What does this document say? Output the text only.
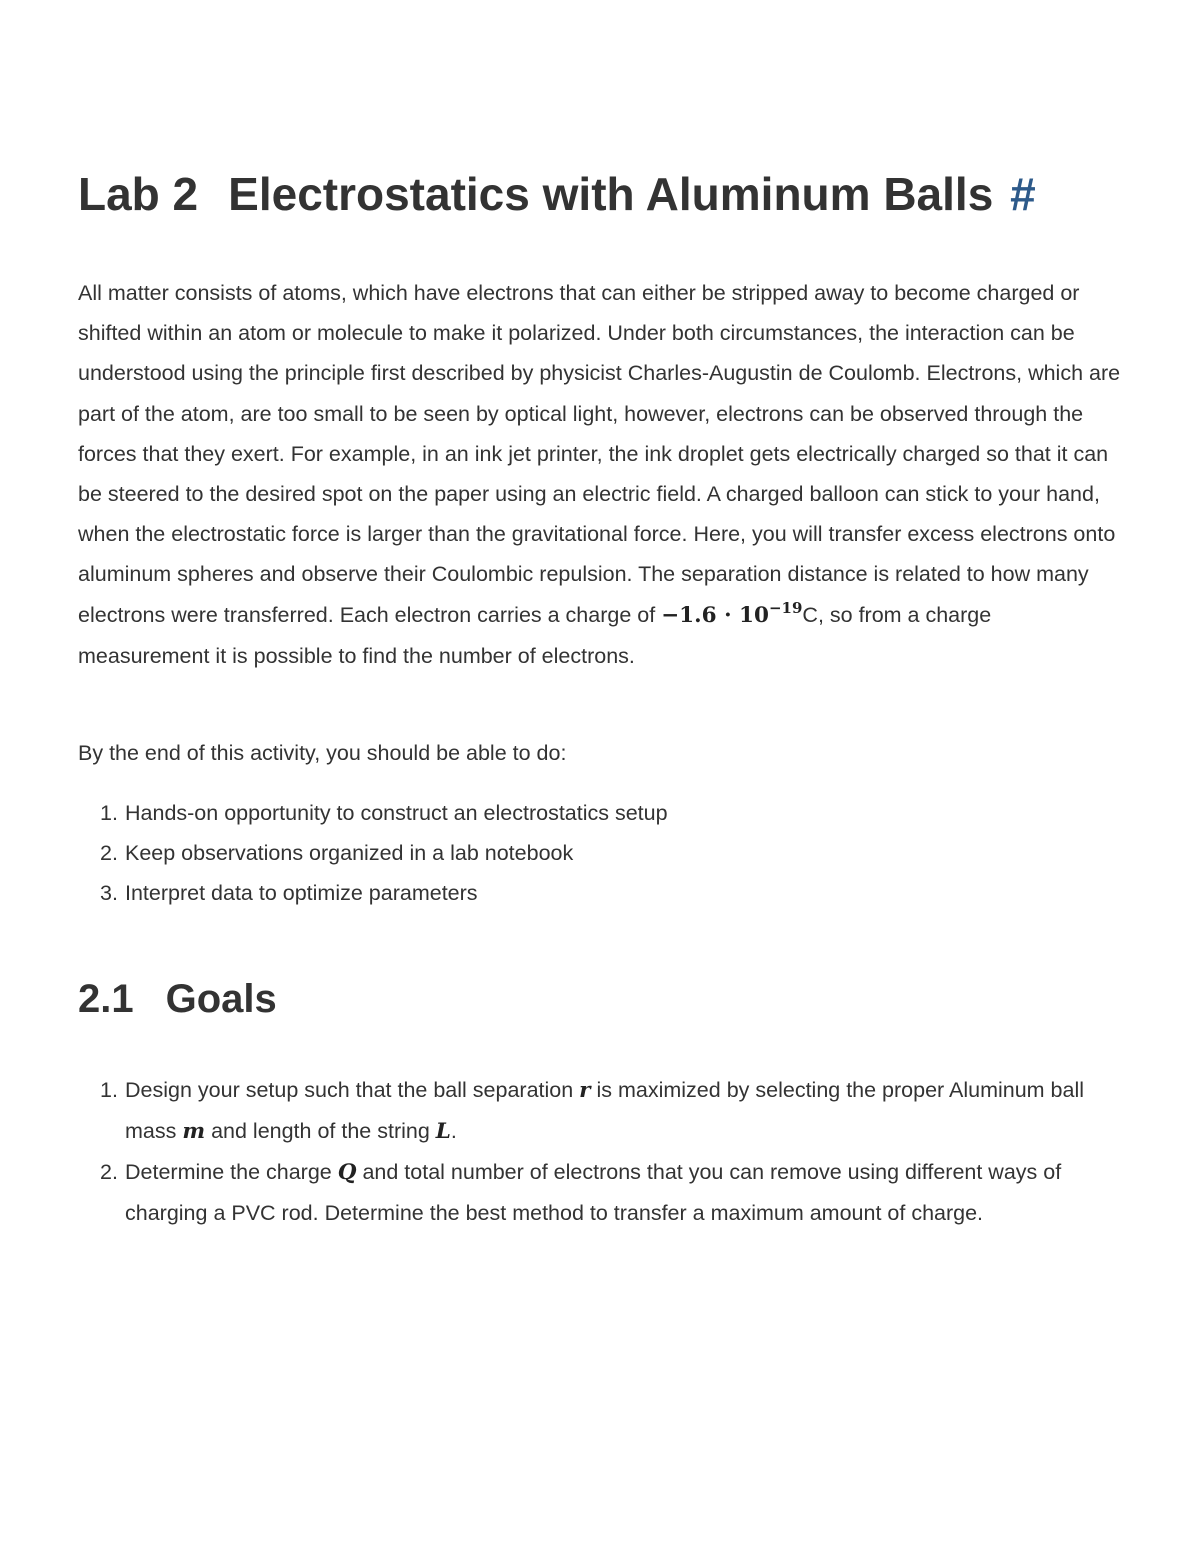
Lab 2 Electrostatics with Aluminum Balls #

All matter consists of atoms, which have electrons that can either be stripped away to become charged or shifted within an atom or molecule to make it polarized. Under both circumstances, the interaction can be understood using the principle first described by physicist Charles-Augustin de Coulomb. Electrons, which are part of the atom, are too small to be seen by optical light, however, electrons can be observed through the forces that they exert. For example, in an ink jet printer, the ink droplet gets electrically charged so that it can be steered to the desired spot on the paper using an electric field. A charged balloon can stick to your hand, when the electrostatic force is larger than the gravitational force. Here, you will transfer excess electrons onto aluminum spheres and observe their Coulombic repulsion. The separation distance is related to how many electrons were transferred. Each electron carries a charge of $-1.6 \cdot 10^{-19}C$, so from a charge measurement it is possible to find the number of electrons.

By the end of this activity, you should be able to do:

1. Hands-on opportunity to construct an electrostatics setup
2. Keep observations organized in a lab notebook
3. Interpret data to optimize parameters
2.1 Goals
1. Design your setup such that the ball separation r is maximized by selecting the proper Aluminum ball mass m and length of the string L.
2. Determine the charge Q and total number of electrons that you can remove using different ways of charging a PVC rod. Determine the best method to transfer a maximum amount of charge.
